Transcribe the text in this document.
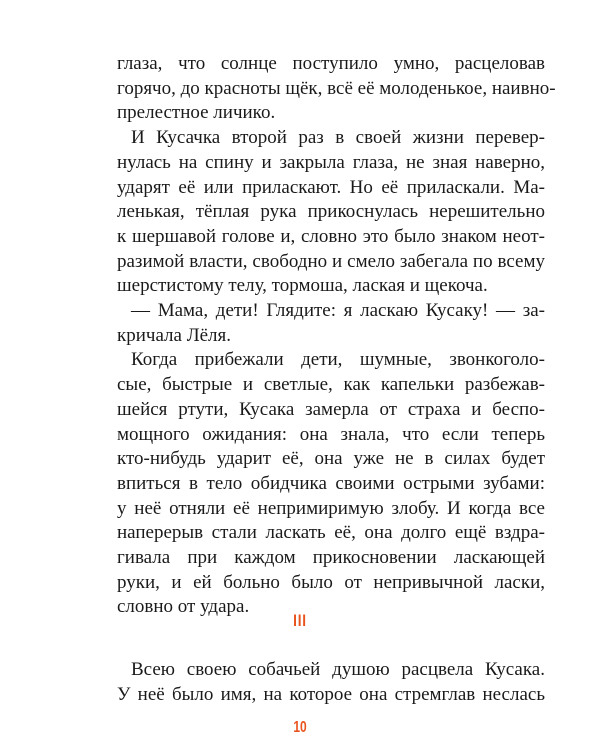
глаза, что солнце поступило умно, расцеловав
горячо, до красноты щёк, всё её молоденькое, наивно-
прелестное личико.
И Кусачка второй раз в своей жизни перевер-
нулась на спину и закрыла глаза, не зная наверно,
ударят её или приласкают. Но её приласкали. Ма-
ленькая, тёплая рука прикоснулась нерешительно
к шершавой голове и, словно это было знаком неот-
разимой власти, свободно и смело забегала по всему
шерстистому телу, тормоша, лаская и щекоча.
— Мама, дети! Глядите: я ласкаю Кусаку! — за-
кричала Лёля.
Когда прибежали дети, шумные, звонкоголо-
сые, быстрые и светлые, как капельки разбежав-
шейся ртути, Кусака замерла от страха и беспо-
мощного ожидания: она знала, что если теперь
кто-нибудь ударит её, она уже не в силах будет
впиться в тело обидчика своими острыми зубами:
у неё отняли её непримиримую злобу. И когда все
наперерыв стали ласкать её, она долго ещё вздра-
гивала при каждом прикосновении ласкающей
руки, и ей больно было от непривычной ласки,
словно от удара.
III
Всею своею собачьей душою расцвела Кусака.
У неё было имя, на которое она стремглав неслась
10
